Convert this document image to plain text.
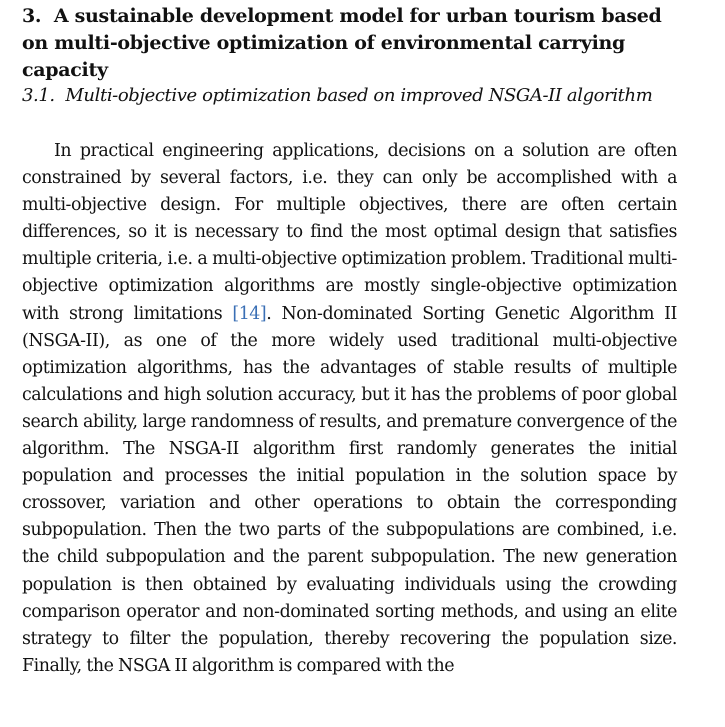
3. A sustainable development model for urban tourism based on multi-objective optimization of environmental carrying capacity
3.1. Multi-objective optimization based on improved NSGA-II algorithm

In practical engineering applications, decisions on a solution are often constrained by several factors, i.e. they can only be accomplished with a multi-objective design. For multiple objectives, there are often certain differences, so it is necessary to find the most optimal design that satisfies multiple criteria, i.e. a multi-objective optimization problem. Traditional multi-objective optimization algorithms are mostly single-objective optimization with strong limitations [14]. Non-dominated Sorting Genetic Algorithm II (NSGA-II), as one of the more widely used traditional multi-objective optimization algorithms, has the advantages of stable results of multiple calculations and high solution accuracy, but it has the problems of poor global search ability, large randomness of results, and premature convergence of the algorithm. The NSGA-II algorithm first randomly generates the initial population and processes the initial population in the solution space by crossover, variation and other operations to obtain the corresponding subpopulation. Then the two parts of the subpopulations are combined, i.e. the child subpopulation and the parent subpopulation. The new generation population is then obtained by evaluating individuals using the crowding comparison operator and non-dominated sorting methods, and using an elite strategy to filter the population, thereby recovering the population size. Finally, the NSGA II algorithm is compared with the
